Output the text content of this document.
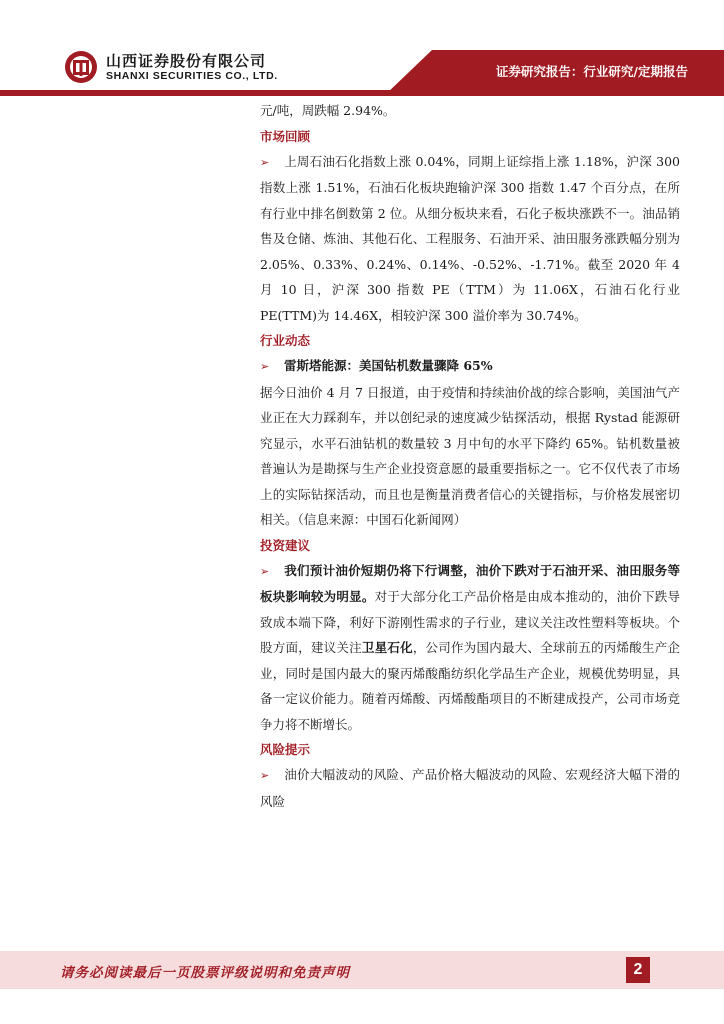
山西证券股份有限公司
SHANXI SECURITIES CO., LTD.	证券研究报告：行业研究/定期报告

元/吨，周跌幅 2.94%。

市场回顾

➢ 上周石油石化指数上涨 0.04%，同期上证综指上涨 1.18%，沪深 300 指数上涨 1.51%，石油石化板块跑输沪深 300 指数 1.47 个百分点，在所有行业中排名倒数第 2 位。从细分板块来看，石化子板块涨跌不一。油品销售及仓储、炼油、其他石化、工程服务、石油开采、油田服务涨跌幅分别为 2.05%、0.33%、0.24%、0.14%、-0.52%、-1.71%。截至 2020 年 4 月 10 日，沪深 300 指数 PE（TTM）为 11.06X，石油石化行业 PE(TTM)为 14.46X，相较沪深 300 溢价率为 30.74%。

行业动态

➢ 雷斯塔能源：美国钻机数量骤降 65%

据今日油价 4 月 7 日报道，由于疫情和持续油价战的综合影响，美国油气产业正在大力踩刹车，并以创纪录的速度减少钻探活动，根据 Rystad 能源研究显示，水平石油钻机的数量较 3 月中旬的水平下降约 65%。钻机数量被普遍认为是勘探与生产企业投资意愿的最重要指标之一。它不仅代表了市场上的实际钻探活动，而且也是衡量消费者信心的关键指标，与价格发展密切相关。（信息来源：中国石化新闻网）

投资建议

➢ 我们预计油价短期仍将下行调整，油价下跌对于石油开采、油田服务等板块影响较为明显。对于大部分化工产品价格是由成本推动的，油价下跌导致成本端下降，利好下游刚性需求的子行业，建议关注改性塑料等板块。个股方面，建议关注卫星石化，公司作为国内最大、全球前五的丙烯酸生产企业，同时是国内最大的聚丙烯酸酯纺织化学品生产企业，规模优势明显，具备一定议价能力。随着丙烯酸、丙烯酸酯项目的不断建成投产，公司市场竞争力将不断增长。

风险提示

➢ 油价大幅波动的风险、产品价格大幅波动的风险、宏观经济大幅下滑的风险

请务必阅读最后一页股票评级说明和免责声明	2
